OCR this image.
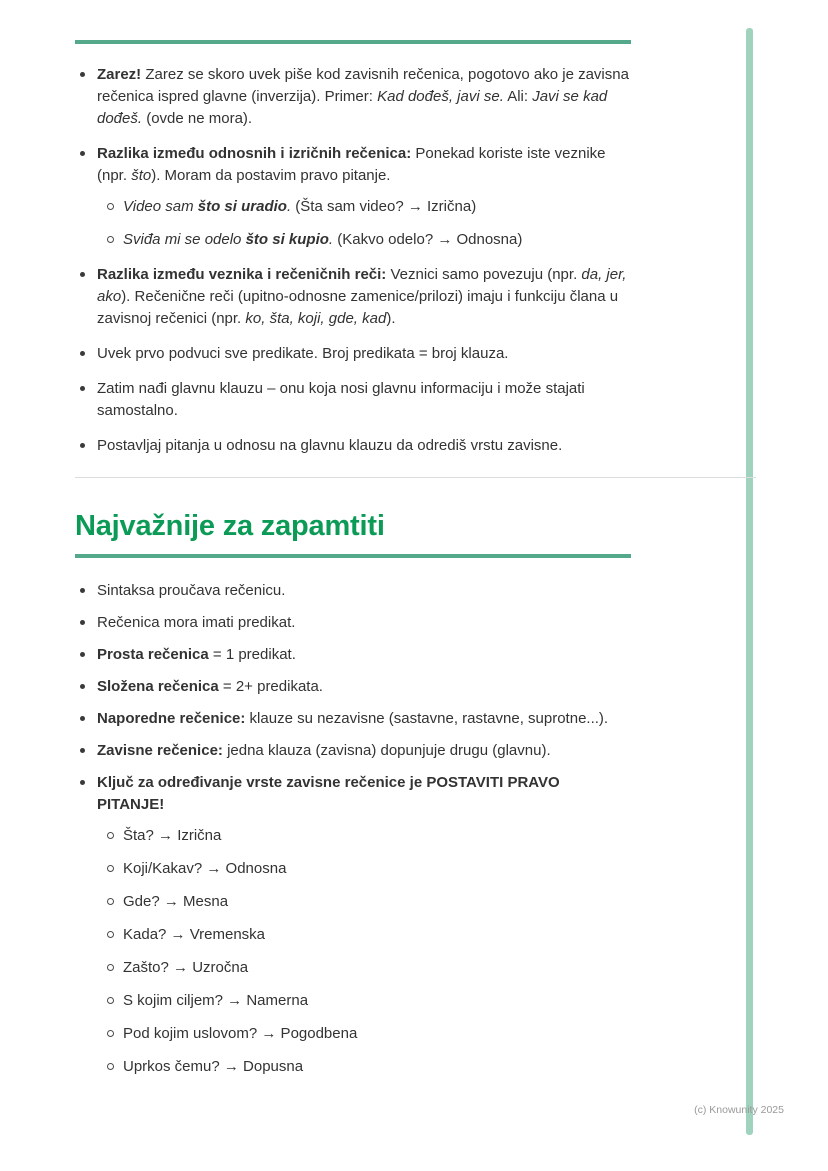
Zarez! Zarez se skoro uvek piše kod zavisnih rečenica, pogotovo ako je zavisna rečenica ispred glavne (inverzija). Primer: Kad dođeš, javi se. Ali: Javi se kad dođeš. (ovde ne mora).
Razlika između odnosnih i izričnih rečenica: Ponekad koriste iste veznike (npr. što). Moram da postavim pravo pitanje.
Video sam što si uradio. (Šta sam video? → Izrična)
Sviđa mi se odelo što si kupio. (Kakvo odelo? → Odnosna)
Razlika između veznika i rečeničnih reči: Veznici samo povezuju (npr. da, jer, ako). Rečenične reči (upitno-odnosne zamenice/prilozi) imaju i funkciju člana u zavisnoj rečenici (npr. ko, šta, koji, gde, kad).
Uvek prvo podvuci sve predikate. Broj predikata = broj klauza.
Zatim nađi glavnu klauzu – onu koja nosi glavnu informaciju i može stajati samostalno.
Postavljaj pitanja u odnosu na glavnu klauzu da odrediš vrstu zavisne.
Najvažnije za zapamtiti
Sintaksa proučava rečenicu.
Rečenica mora imati predikat.
Prosta rečenica = 1 predikat.
Složena rečenica = 2+ predikata.
Naporedne rečenice: klauze su nezavisne (sastavne, rastavne, suprotne...).
Zavisne rečenice: jedna klauza (zavisna) dopunjuje drugu (glavnu).
Ključ za određivanje vrste zavisne rečenice je POSTAVITI PRAVO PITANJE!
Šta? → Izrična
Koji/Kakav? → Odnosna
Gde? → Mesna
Kada? → Vremenska
Zašto? → Uzročna
S kojim ciljem? → Namerna
Pod kojim uslovom? → Pogodbena
Uprkos čemu? → Dopusna
(c) Knowunity 2025
